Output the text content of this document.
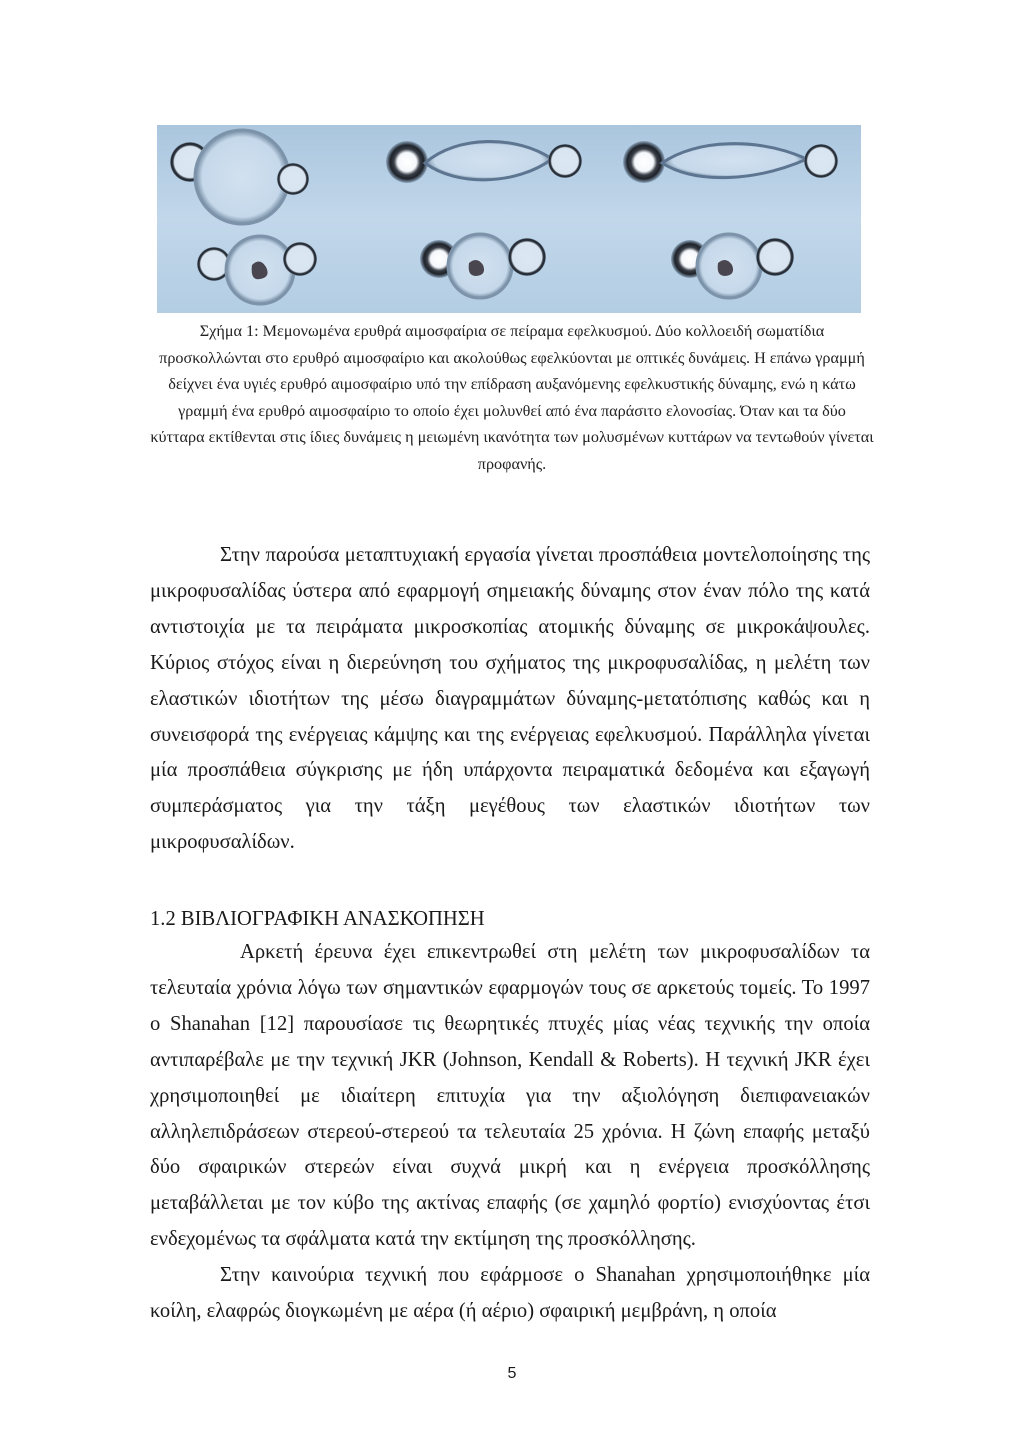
Σχήμα 1: Μεμονωμένα ερυθρά αιμοσφαίρια σε πείραμα εφελκυσμού. Δύο κολλοειδή σωματίδια προσκολλώνται στο ερυθρό αιμοσφαίριο και ακολούθως εφελκύονται με οπτικές δυνάμεις. Η επάνω γραμμή δείχνει ένα υγιές ερυθρό αιμοσφαίριο υπό την επίδραση αυξανόμενης εφελκυστικής δύναμης, ενώ η κάτω γραμμή ένα ερυθρό αιμοσφαίριο το οποίο έχει μολυνθεί από ένα παράσιτο ελονοσίας. Όταν και τα δύο κύτταρα εκτίθενται στις ίδιες δυνάμεις η μειωμένη ικανότητα των μολυσμένων κυττάρων να τεντωθούν γίνεται προφανής.

Στην παρούσα μεταπτυχιακή εργασία γίνεται προσπάθεια μοντελοποίησης της μικροφυσαλίδας ύστερα από εφαρμογή σημειακής δύναμης στον έναν πόλο της κατά αντιστοιχία με τα πειράματα μικροσκοπίας ατομικής δύναμης σε μικροκάψουλες. Κύριος στόχος είναι η διερεύνηση του σχήματος της μικροφυσαλίδας, η μελέτη των ελαστικών ιδιοτήτων της μέσω διαγραμμάτων δύναμης-μετατόπισης καθώς και η συνεισφορά της ενέργειας κάμψης και της ενέργειας εφελκυσμού. Παράλληλα γίνεται μία προσπάθεια σύγκρισης με ήδη υπάρχοντα πειραματικά δεδομένα και εξαγωγή συμπεράσματος για την τάξη μεγέθους των ελαστικών ιδιοτήτων των μικροφυσαλίδων.

1.2 ΒΙΒΛΙΟΓΡΑΦΙΚΗ ΑΝΑΣΚΟΠΗΣΗ

Αρκετή έρευνα έχει επικεντρωθεί στη μελέτη των μικροφυσαλίδων τα τελευταία χρόνια λόγω των σημαντικών εφαρμογών τους σε αρκετούς τομείς. Το 1997 ο Shanahan [12] παρουσίασε τις θεωρητικές πτυχές μίας νέας τεχνικής την οποία αντιπαρέβαλε με την τεχνική JKR (Johnson, Kendall & Roberts). Η τεχνική JKR έχει χρησιμοποιηθεί με ιδιαίτερη επιτυχία για την αξιολόγηση διεπιφανειακών αλληλεπιδράσεων στερεού-στερεού τα τελευταία 25 χρόνια. Η ζώνη επαφής μεταξύ δύο σφαιρικών στερεών είναι συχνά μικρή και η ενέργεια προσκόλλησης μεταβάλλεται με τον κύβο της ακτίνας επαφής (σε χαμηλό φορτίο) ενισχύοντας έτσι ενδεχομένως τα σφάλματα κατά την εκτίμηση της προσκόλλησης.

Στην καινούρια τεχνική που εφάρμοσε ο Shanahan χρησιμοποιήθηκε μία κοίλη, ελαφρώς διογκωμένη με αέρα (ή αέριο) σφαιρική μεμβράνη, η οποία

5
